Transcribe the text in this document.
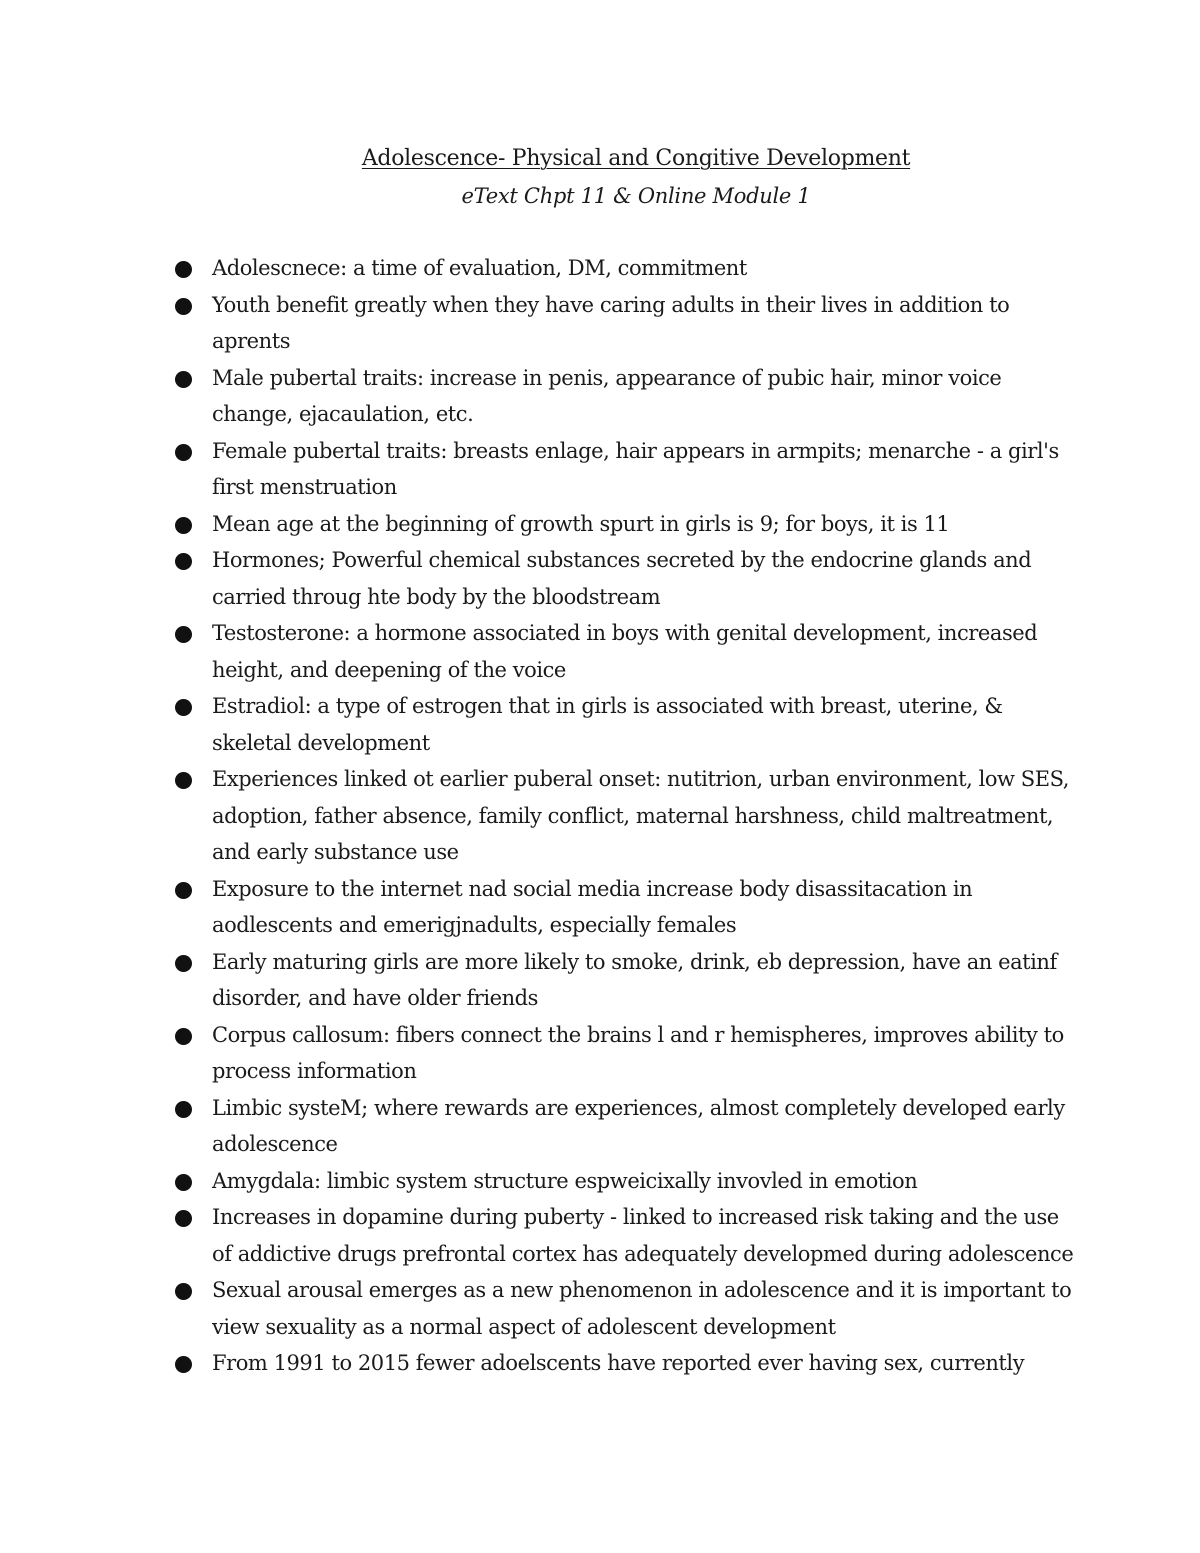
Adolescence- Physical and Congitive Development
eText Chpt 11 & Online Module 1
Adolescnece: a time of evaluation, DM, commitment
Youth benefit greatly when they have caring adults in their lives in addition to aprents
Male pubertal traits: increase in penis, appearance of pubic hair, minor voice change, ejacaulation, etc.
Female pubertal traits: breasts enlage, hair appears in armpits; menarche - a girl's first menstruation
Mean age at the beginning of growth spurt in girls is 9; for boys, it is 11
Hormones; Powerful chemical substances secreted by the endocrine glands and carried throug hte body by the bloodstream
Testosterone: a hormone associated in boys with genital development, increased height, and deepening of the voice
Estradiol: a type of estrogen that in girls is associated with breast, uterine, & skeletal development
Experiences linked ot earlier puberal onset: nutitrion, urban environment, low SES, adoption, father absence, family conflict, maternal harshness, child maltreatment, and early substance use
Exposure to the internet nad social media increase body disassitacation in aodlescents and emerigjnadults, especially females
Early maturing girls are more likely to smoke, drink, eb depression, have an eatinf disorder, and have older friends
Corpus callosum: fibers connect the brains l and r hemispheres, improves ability to process information
Limbic systeM; where rewards are experiences, almost completely developed early adolescence
Amygdala: limbic system structure espweicixally invovled in emotion
Increases in dopamine during puberty - linked to increased risk taking and the use of addictive drugs prefrontal cortex has adequately developmed during adolescence
Sexual arousal emerges as a new phenomenon in adolescence and it is important to view sexuality as a normal aspect of adolescent development
From 1991 to 2015 fewer adoelscents have reported ever having sex, currently
